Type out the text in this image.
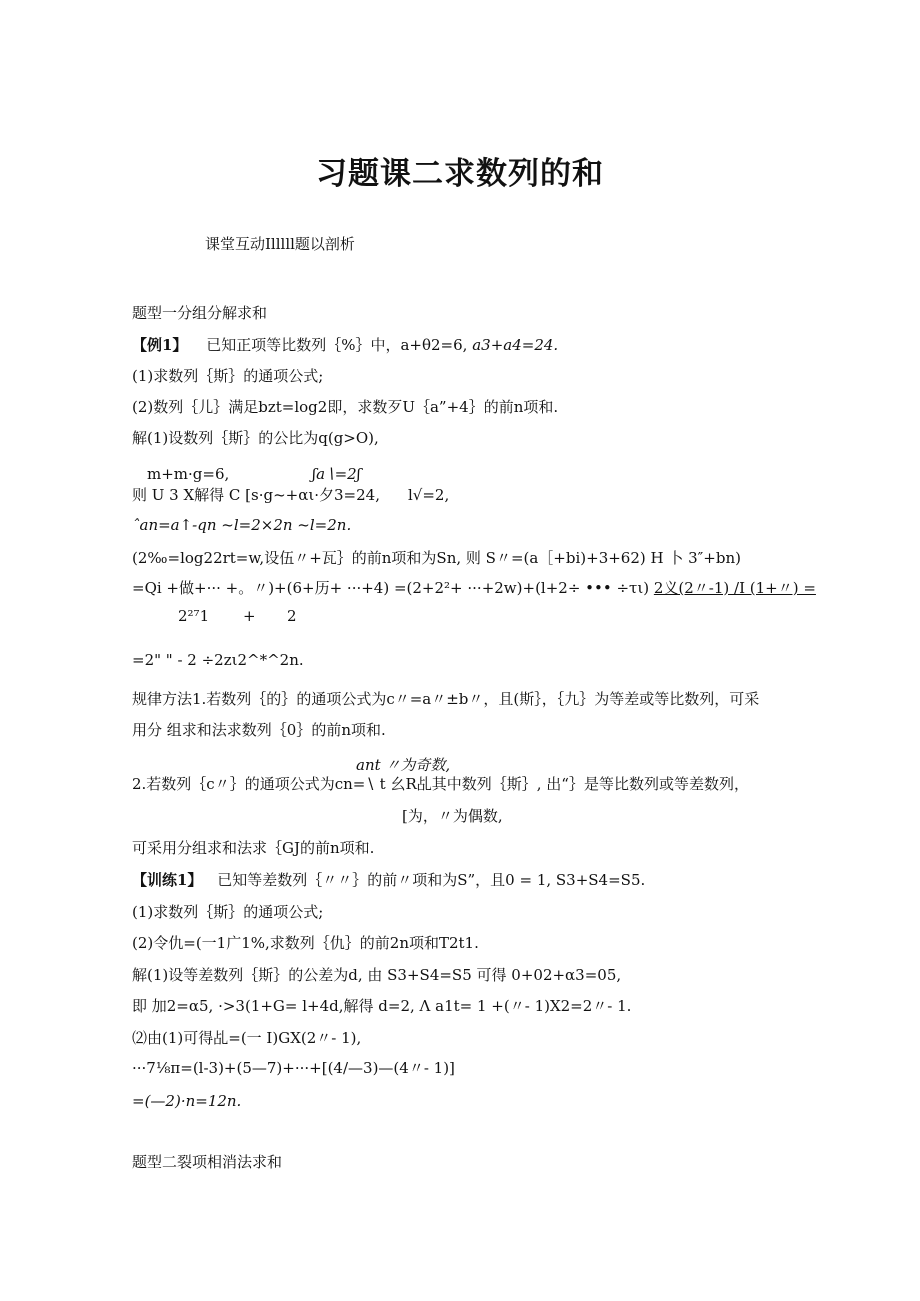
习题课二求数列的和
课堂互动Illlll题以剖析
题型一分组分解求和
【例1】 已知正项等比数列｛%｝中，a+θ2=6, a3+a4=24.
(1)求数列｛斯｝的通项公式;
(2)数列｛儿｝满足bzt=log2即，求数歹U｛a”+4｝的前n项和.
解(1)设数列｛斯｝的公比为q(g>O),
m+m·g=6,	ʃa∖=2ʃ
则 U 3 X解得 C [s·g~+αι·夕3=24, l√=2,
ˆan=a↑-qn ~l=2×2n ~l=2n.
(2‰=log22rt=w,设伍〃+瓦｝的前n项和为Sn, 则 S〃=(a［+bi)+3+62) H 卜 3″+bn)
=Qi +做+··· +。〃)+(6+历+ ···+4) =(2+2²+ ···+2w)+(l+2÷ ••• ÷τι) 2义(2〃-1) /I (1+〃) =
2²⁷1 + 2
=2" " - 2 ÷2zι2^*^2n.
规律方法1.若数列｛的｝的通项公式为c〃=a〃±b〃，且(斯｝，｛九｝为等差或等比数列，可采
用分 组求和法求数列｛0｝的前n项和.
ant 〃为奇数,
2.若数列｛c〃｝的通项公式为cn=∖ t 幺R乩其中数列｛斯｝, 出“｝是等比数列或等差数列，
[为，〃为偶数,
可采用分组求和法求｛GJ的前n项和.
【训练1】 已知等差数列｛〃〃｝的前〃项和为S”，且0 = 1, S3+S4=S5.
(1)求数列｛斯｝的通项公式;
(2)令仇=(一1广1%,求数列｛仇｝的前2n项和T2t1.
解(1)设等差数列｛斯｝的公差为d, 由 S3+S4=S5 可得 0+02+α3=05,
即 加2=α5, ·>3(1+G= l+4d,解得 d=2, Λ a1t= 1 +(〃- 1)X2=2〃- 1.
⑵由(1)可得乩=(一 I)GX(2〃- 1),
···7⅛π=(l-3)+(5—7)+···+[(4/—3)—(4〃- 1)]
=(—2)·n=12n.
题型二裂项相消法求和
